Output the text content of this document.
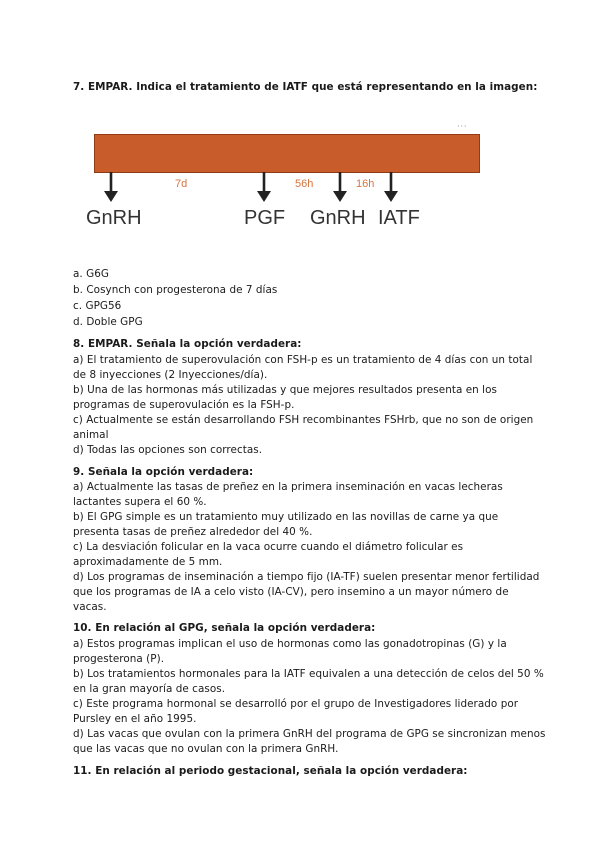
7. EMPAR. Indica el tratamiento de IATF que está representando en la imagen:
···
7d	56h	16h
GnRH	PGF GnRH IATF
a. G6G
b. Cosynch con progesterona de 7 días
c. GPG56
d. Doble GPG
8. EMPAR. Señala la opción verdadera:
a) El tratamiento de superovulación con FSH-p es un tratamiento de 4 días con un total
de 8 inyecciones (2 Inyecciones/día).
b) Una de las hormonas más utilizadas y que mejores resultados presenta en los
programas de superovulación es la FSH-p.
c) Actualmente se están desarrollando FSH recombinantes FSHrb, que no son de origen
animal
d) Todas las opciones son correctas.
9. Señala la opción verdadera:
a) Actualmente las tasas de preñez en la primera inseminación en vacas lecheras
lactantes supera el 60 %.
b) El GPG simple es un tratamiento muy utilizado en las novillas de carne ya que
presenta tasas de preñez alrededor del 40 %.
c) La desviación folicular en la vaca ocurre cuando el diámetro folicular es
aproximadamente de 5 mm.
d) Los programas de inseminación a tiempo fijo (IA-TF) suelen presentar menor fertilidad
que los programas de IA a celo visto (IA-CV), pero insemino a un mayor número de
vacas.
10. En relación al GPG, señala la opción verdadera:
a) Estos programas implican el uso de hormonas como las gonadotropinas (G) y la
progesterona (P).
b) Los tratamientos hormonales para la IATF equivalen a una detección de celos del 50 %
en la gran mayoría de casos.
c) Este programa hormonal se desarrolló por el grupo de Investigadores liderado por
Pursley en el año 1995.
d) Las vacas que ovulan con la primera GnRH del programa de GPG se sincronizan menos
que las vacas que no ovulan con la primera GnRH.
11. En relación al periodo gestacional, señala la opción verdadera:
